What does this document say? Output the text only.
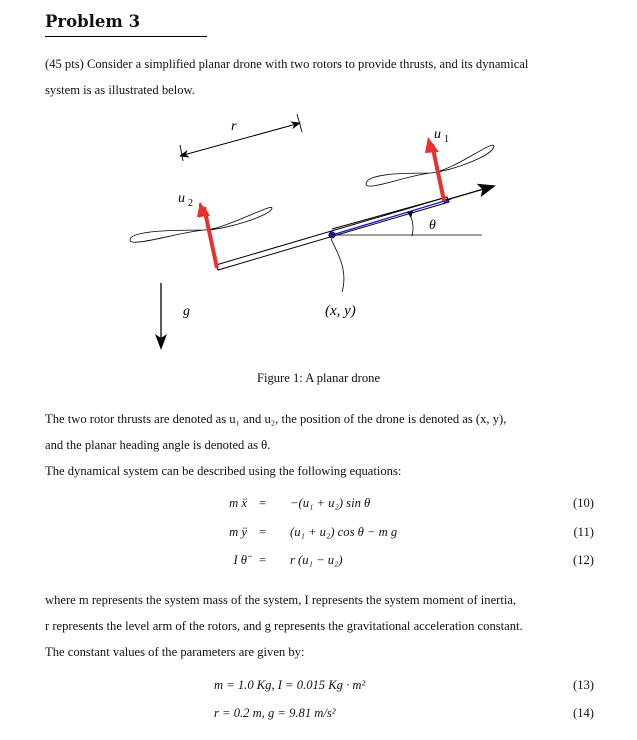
Problem 3
(45 pts) Consider a simplified planar drone with two rotors to provide thrusts, and its dynamical
system is as illustrated below.
r
θ
(x, y)
u 2
u 1
g
Figure 1: A planar drone
The two rotor thrusts are denoted as u₁ and u₂, the position of the drone is denoted as (x, y),
and the planar heading angle is denoted as θ.
The dynamical system can be described using the following equations:
m ẍ = −(u₁ + u₂) sin θ	(10)
m ÿ = (u₁ + u₂) cos θ − m g	(11)
I θ̈ = r (u₁ − u₂)	(12)
where m represents the system mass of the system, I represents the system moment of inertia,
r represents the level arm of the rotors, and g represents the gravitational acceleration constant.
The constant values of the parameters are given by:
m = 1.0 Kg, I = 0.015 Kg · m²	(13)
r = 0.2 m, g = 9.81 m/s²	(14)
